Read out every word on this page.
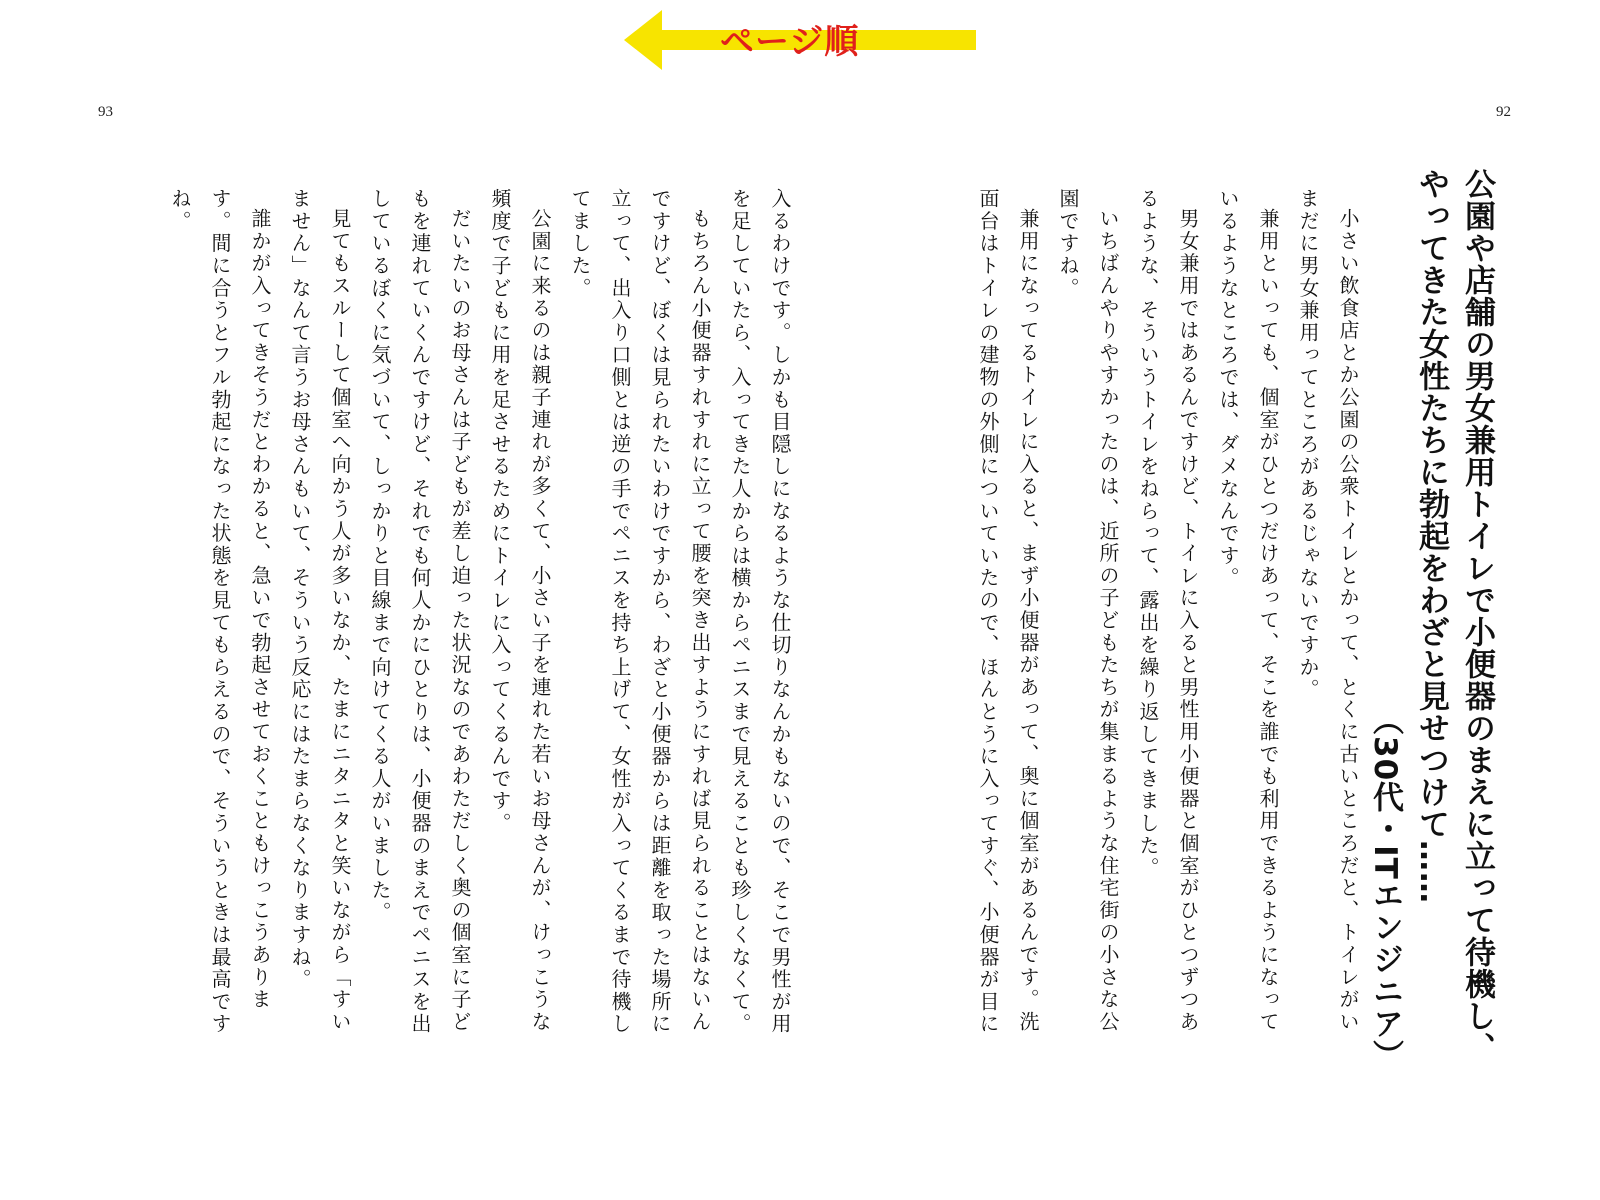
ページ順
93	92
公園や店舗の男女兼用トイレで小便器のまえに立って待機し、
やってきた女性たちに勃起をわざと見せつけて……

（30代・ITエンジニア）

小さい飲食店とか公園の公衆トイレとかって、とくに古いところだと、トイレがいまだに男女兼用ってところがあるじゃないですか。

兼用といっても、個室がひとつだけあって、そこを誰でも利用できるようになっているようなところでは、ダメなんです。

男女兼用ではあるんですけど、トイレに入ると男性用小便器と個室がひとつずつあるような、そういうトイレをねらって、露出を繰り返してきました。

いちばんやりやすかったのは、近所の子どもたちが集まるような住宅街の小さな公園ですね。

兼用になってるトイレに入ると、まず小便器があって、奥に個室があるんです。洗面台はトイレの建物の外側についていたので、ほんとうに入ってすぐ、小便器が目に

入るわけです。しかも目隠しになるような仕切りなんかもないので、そこで男性が用を足していたら、入ってきた人からは横からペニスまで見えることも珍しくなくて。

もちろん小便器すれすれに立って腰を突き出すようにすれば見られることはないんですけど、ぼくは見られたいわけですから、わざと小便器からは距離を取った場所に立って、出入り口側とは逆の手でペニスを持ち上げて、女性が入ってくるまで待機してました。

公園に来るのは親子連れが多くて、小さい子を連れた若いお母さんが、けっこうな頻度で子どもに用を足させるためにトイレに入ってくるんです。

だいたいのお母さんは子どもが差し迫った状況なのであわただしく奥の個室に子どもを連れていくんですけど、それでも何人かにひとりは、小便器のまえでペニスを出しているぼくに気づいて、しっかりと目線まで向けてくる人がいました。

見てもスルーして個室へ向かう人が多いなか、たまにニタニタと笑いながら「すいません」なんて言うお母さんもいて、そういう反応にはたまらなくなりますね。

誰かが入ってきそうだとわかると、急いで勃起させておくこともけっこうあります。間に合うとフル勃起になった状態を見てもらえるので、そういうときは最高ですね。
